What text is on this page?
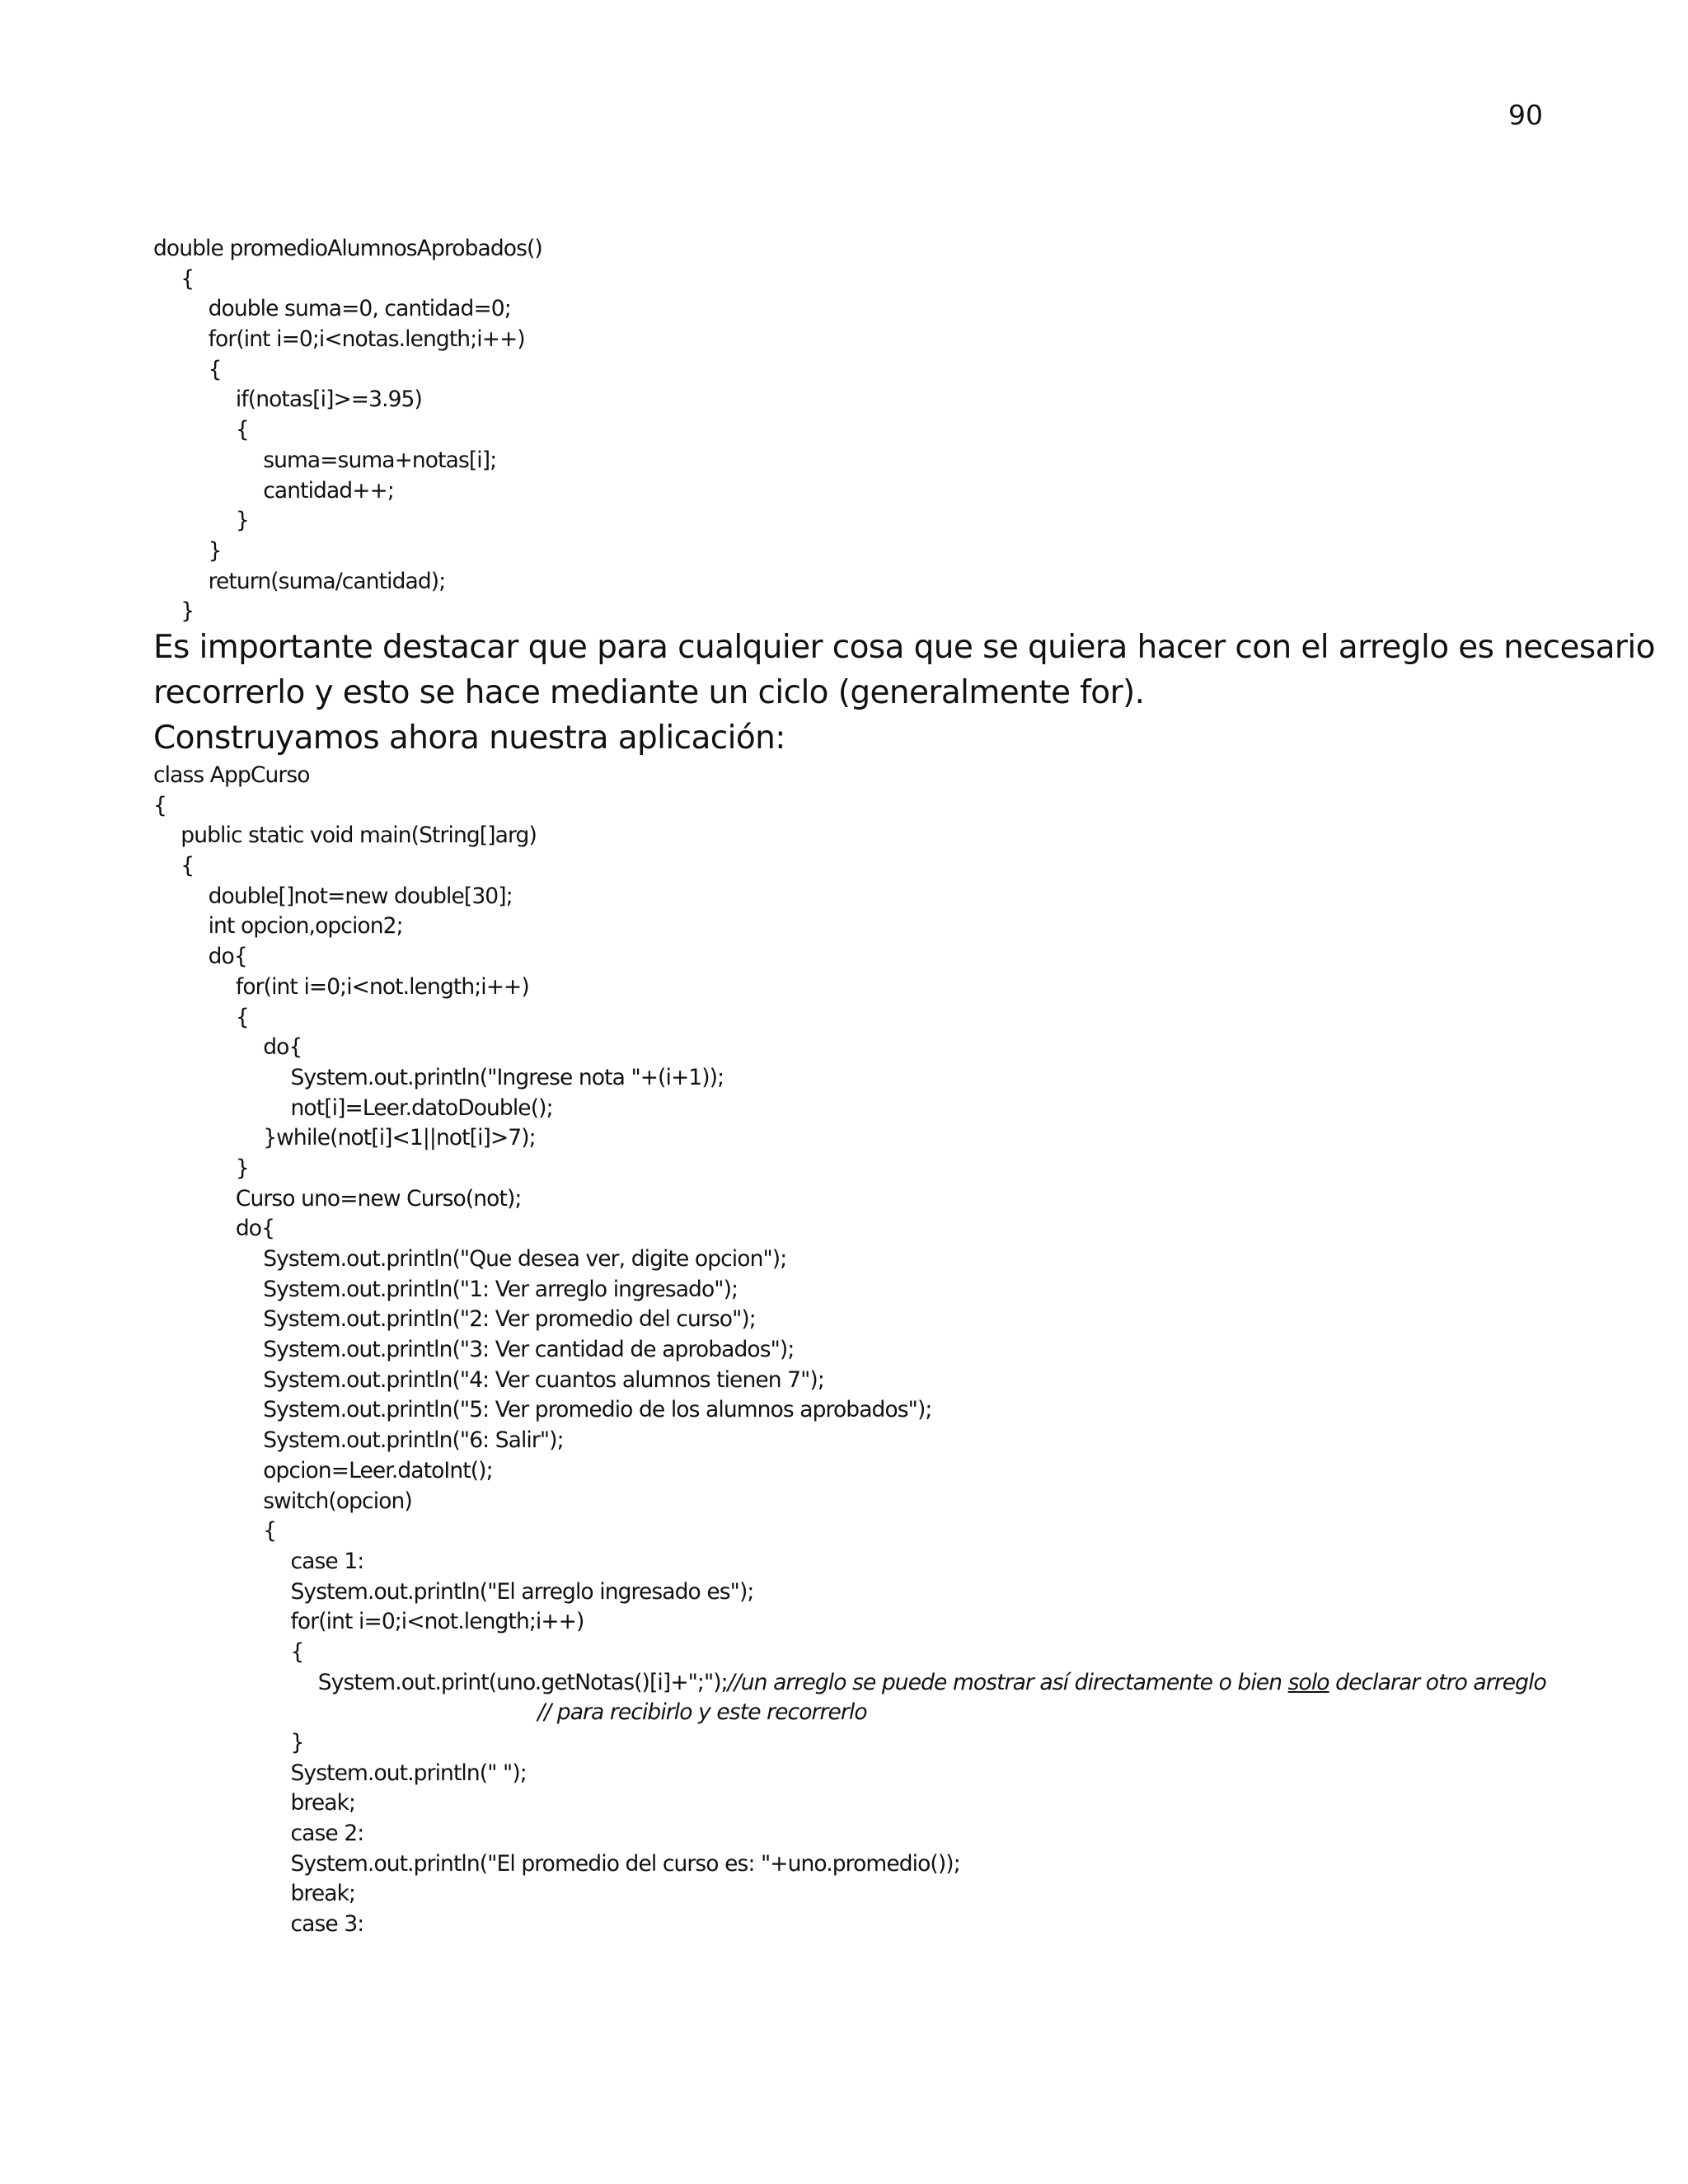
90
double promedioAlumnosAprobados()
{
double suma=0, cantidad=0;
for(int i=0;i<notas.length;i++)
{
if(notas[i]>=3.95)
{
suma=suma+notas[i];
cantidad++;
}
}
return(suma/cantidad);
}
Es importante destacar que para cualquier cosa que se quiera hacer con el arreglo es necesario
recorrerlo y esto se hace mediante un ciclo (generalmente for).
Construyamos ahora nuestra aplicación:
class AppCurso
{
public static void main(String[]arg)
{
double[]not=new double[30];
int opcion,opcion2;
do{
for(int i=0;i<not.length;i++)
{
do{
System.out.println("Ingrese nota "+(i+1));
not[i]=Leer.datoDouble();
}while(not[i]<1||not[i]>7);
}
Curso uno=new Curso(not);
do{
System.out.println("Que desea ver, digite opcion");
System.out.println("1: Ver arreglo ingresado");
System.out.println("2: Ver promedio del curso");
System.out.println("3: Ver cantidad de aprobados");
System.out.println("4: Ver cuantos alumnos tienen 7");
System.out.println("5: Ver promedio de los alumnos aprobados");
System.out.println("6: Salir");
opcion=Leer.datoInt();
switch(opcion)
{
case 1:
System.out.println("El arreglo ingresado es");
for(int i=0;i<not.length;i++)
{
System.out.print(uno.getNotas()[i]+";");//un arreglo se puede mostrar así directamente o bien solo declarar otro arreglo
// para recibirlo y este recorrerlo
}
System.out.println(" ");
break;
case 2:
System.out.println("El promedio del curso es: "+uno.promedio());
break;
case 3:
